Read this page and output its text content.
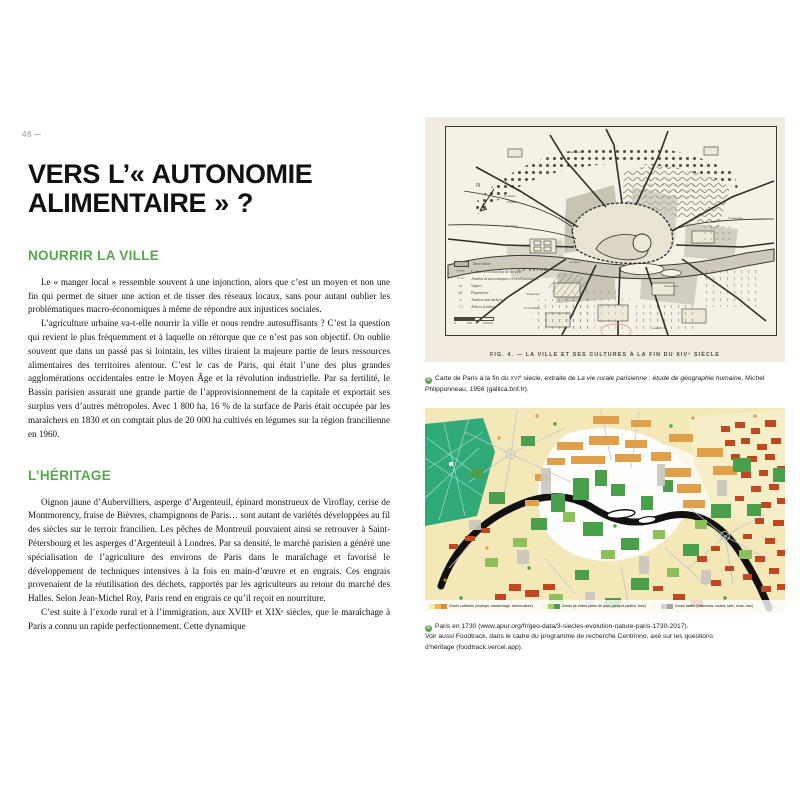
48
VERS L’« AUTONOMIE ALIMENTAIRE » ?
NOURRIR LA VILLE

Le « manger local » ressemble souvent à une injonction, alors que c’est un moyen et non une fin qui permet de situer une action et de tisser des réseaux locaux, sans pour autant oublier les problématiques macro-économiques à même de répondre aux injustices sociales.

L’agriculture urbaine va-t-elle nourrir la ville et nous rendre autosuffisants ? C’est la question qui revient le plus fréquemment et à laquelle on rétorque que ce n’est pas son objectif. On oublie souvent que dans un passé pas si lointain, les villes tiraient la majeure partie de leurs ressources alimentaires des territoires alentour. C’est le cas de Paris, qui était l’une des plus grandes agglomérations occidentales entre le Moyen Âge et la révolution industrielle. Par sa fertilité, le Bassin parisien assurait une grande partie de l’approvisionnement de la capitale et exportait ses surplus vers d’autres métropoles. Avec 1 800 ha, 16 % de la surface de Paris était occupée par les maraîchers en 1830 et on comptait plus de 20 000 ha cultivés en légumes sur la région francilienne en 1960.

L’HÉRITAGE

Oignon jaune d’Aubervilliers, asperge d’Argenteuil, épinard monstrueux de Viroflay, cerise de Montmorency, fraise de Bièvres, champignons de Paris… sont autant de variétés développées au fil des siècles sur le terroir francilien. Les pêches de Montreuil pouvaient ainsi se retrouver à Saint-Pétersbourg et les asperges d’Argenteuil à Londres. Par sa densité, le marché parisien a généré une spécialisation de l’agriculture des environs de Paris dans le maraîchage et favorisé le développement de techniques intensives à la fois en main-d’œuvre et en engrais. Ces engrais provenaient de la réutilisation des déchets, rapportés par les agriculteurs au retour du marché des Halles. Selon Jean-Michel Roy, Paris rend en engrais ce qu’il reçoit en nourriture.

C’est suite à l’exode rural et à l’immigration, aux XVIIIᵉ et XIXᵉ siècles, que le maraîchage à Paris a connu un rapide perfectionnement. Cette dynamique

N
LA SEINE
Collines
d’Épine
St-Denis
St-Antoine
Montmartre
Vaugirard
St-Germain
Charenton
Gentilly
Louvre
Zone bâtie
≈⊂≈	Cultures et courtiles de la ville
≡ ≡	Jardins aristocratiques et ecclésiastiques
ττ	Vignes
ʎʎ	Pépinières
ⱴ	Jardins maraîchers
∷∷	Arbres fruitiers
0	500	1000 m
FIG. 4. — LA VILLE ET SES CULTURES À LA FIN DU XIVᵉ SIÈCLE
© Carte de Paris à la fin du xvi$^e$ siècle, extraite de La vie rurale parisienne : étude de géographie humaine, Michel Phlipponneau, 1956 (gallica.bnf.fr).
Zones cultivées (champs, maraîchage, arboriculture)	Zones de loisirs (aires de jeux, parcs et jardins, bois)	Zones bâties (bâtiments, routes, rails, murs, eau)
© Paris en 1730 (www.apur.org/fr/geo-data/3-siecles-evolution-nature-paris-1730-2017).
Voir aussi Foodtrack, dans le cadre du programme de recherche Centrinno, axé sur les questions
d’héritage (foodtrack.vercel.app).
